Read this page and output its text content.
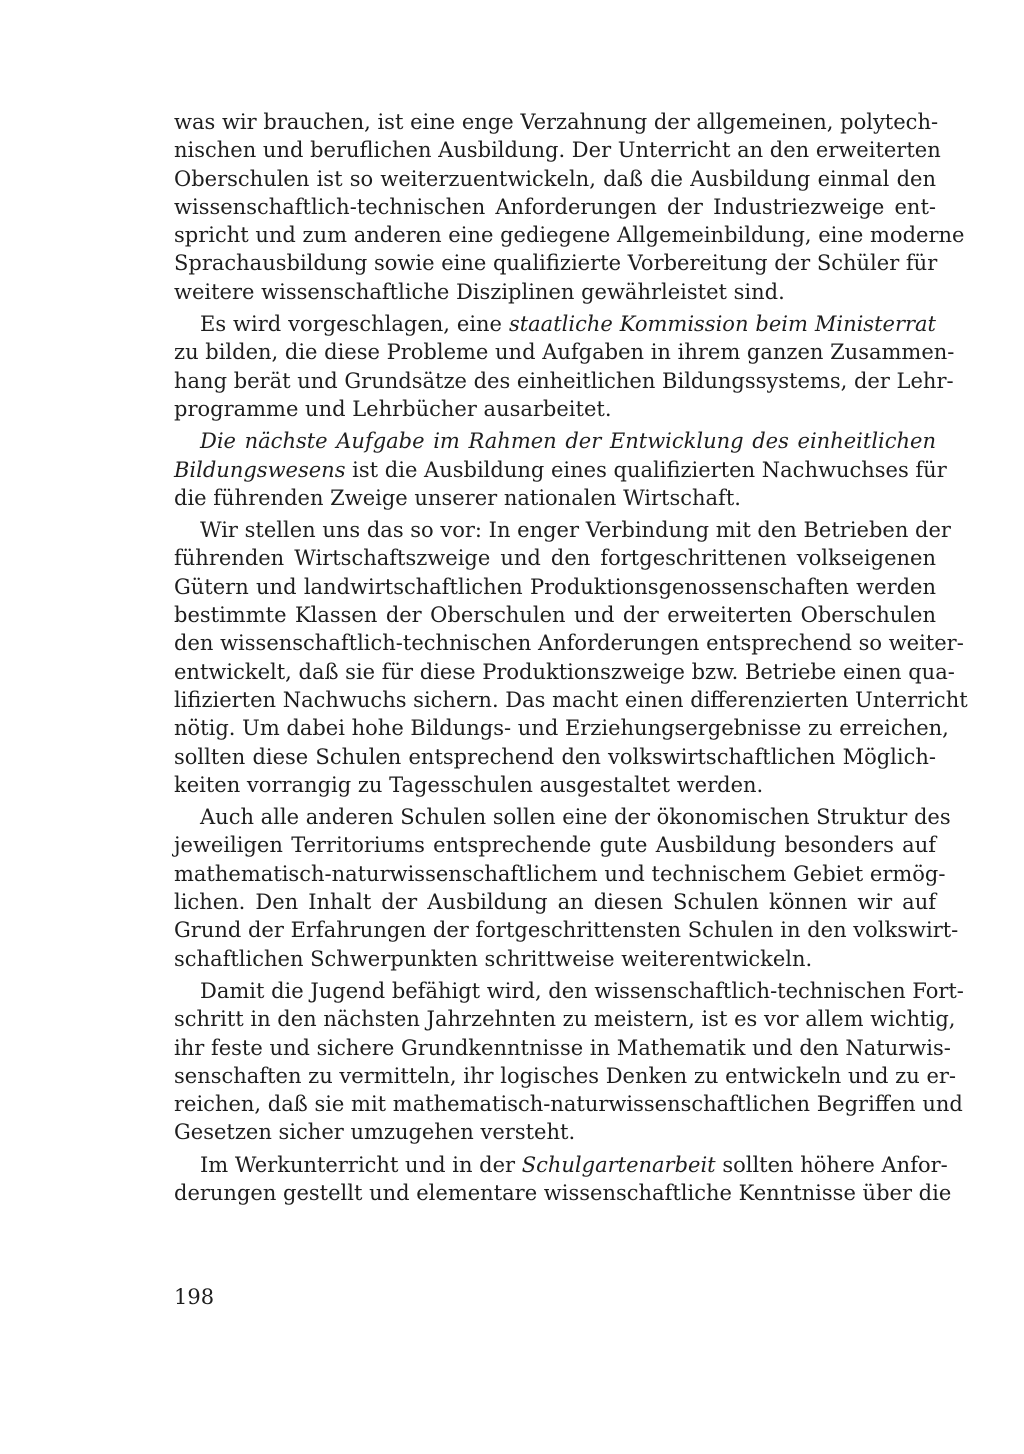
was wir brauchen, ist eine enge Verzahnung der allgemeinen, polytech-
nischen und beruflichen Ausbildung. Der Unterricht an den erweiterten
Oberschulen ist so weiterzuentwickeln, daß die Ausbildung einmal den
wissenschaftlich-technischen Anforderungen der Industriezweige ent-
spricht und zum anderen eine gediegene Allgemeinbildung, eine moderne
Sprachausbildung sowie eine qualifizierte Vorbereitung der Schüler für
weitere wissenschaftliche Disziplinen gewährleistet sind.
Es wird vorgeschlagen, eine staatliche Kommission beim Ministerrat
zu bilden, die diese Probleme und Aufgaben in ihrem ganzen Zusammen-
hang berät und Grundsätze des einheitlichen Bildungssystems, der Lehr-
programme und Lehrbücher ausarbeitet.
Die nächste Aufgabe im Rahmen der Entwicklung des einheitlichen
Bildungswesens ist die Ausbildung eines qualifizierten Nachwuchses für
die führenden Zweige unserer nationalen Wirtschaft.
Wir stellen uns das so vor: In enger Verbindung mit den Betrieben der
führenden Wirtschaftszweige und den fortgeschrittenen volkseigenen
Gütern und landwirtschaftlichen Produktionsgenossenschaften werden
bestimmte Klassen der Oberschulen und der erweiterten Oberschulen
den wissenschaftlich-technischen Anforderungen entsprechend so weiter-
entwickelt, daß sie für diese Produktionszweige bzw. Betriebe einen qua-
lifizierten Nachwuchs sichern. Das macht einen differenzierten Unterricht
nötig. Um dabei hohe Bildungs- und Erziehungsergebnisse zu erreichen,
sollten diese Schulen entsprechend den volkswirtschaftlichen Möglich-
keiten vorrangig zu Tagesschulen ausgestaltet werden.
Auch alle anderen Schulen sollen eine der ökonomischen Struktur des
jeweiligen Territoriums entsprechende gute Ausbildung besonders auf
mathematisch-naturwissenschaftlichem und technischem Gebiet ermög-
lichen. Den Inhalt der Ausbildung an diesen Schulen können wir auf
Grund der Erfahrungen der fortgeschrittensten Schulen in den volkswirt-
schaftlichen Schwerpunkten schrittweise weiterentwickeln.
Damit die Jugend befähigt wird, den wissenschaftlich-technischen Fort-
schritt in den nächsten Jahrzehnten zu meistern, ist es vor allem wichtig,
ihr feste und sichere Grundkenntnisse in Mathematik und den Naturwis-
senschaften zu vermitteln, ihr logisches Denken zu entwickeln und zu er-
reichen, daß sie mit mathematisch-naturwissenschaftlichen Begriffen und
Gesetzen sicher umzugehen versteht.
Im Werkunterricht und in der Schulgartenarbeit sollten höhere Anfor-
derungen gestellt und elementare wissenschaftliche Kenntnisse über die
198
